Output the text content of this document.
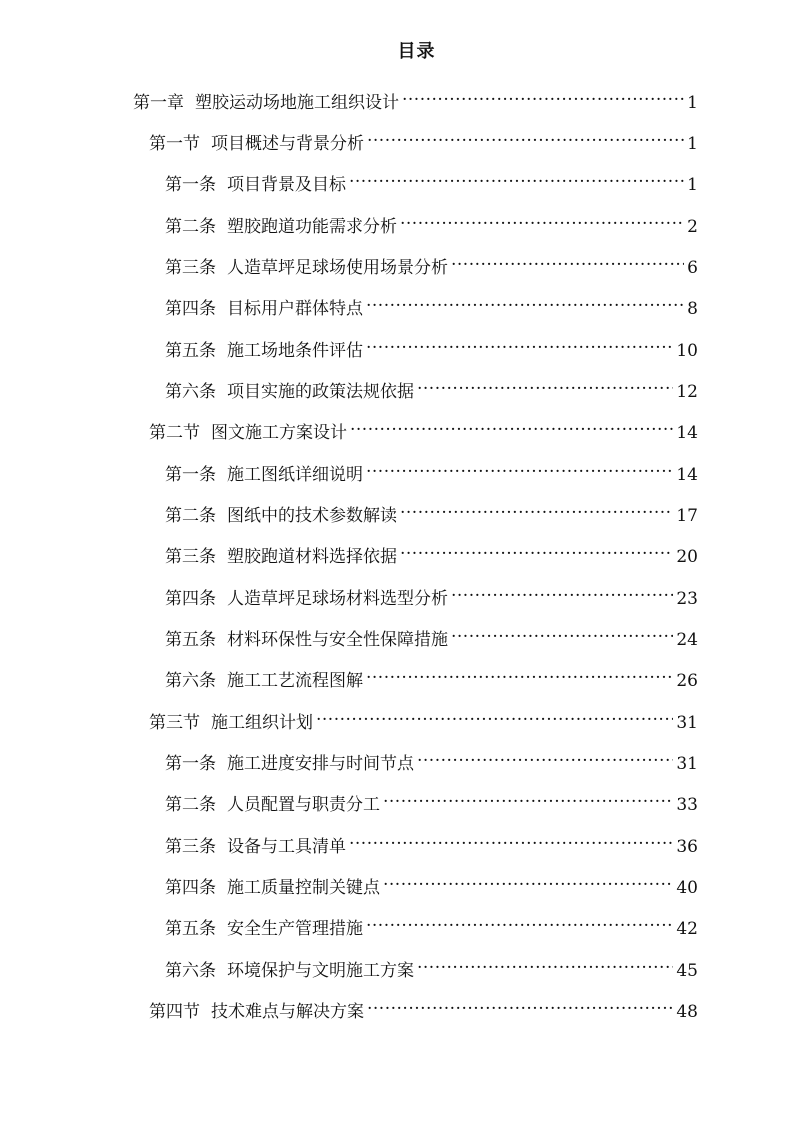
目录
第一章 塑胶运动场地施工组织设计 .....	1
第一节 项目概述与背景分析 .....	1
第一条 项目背景及目标 .....	1
第二条 塑胶跑道功能需求分析 .....	2
第三条 人造草坪足球场使用场景分析 .....	6
第四条 目标用户群体特点 .....	8
第五条 施工场地条件评估 .....	10
第六条 项目实施的政策法规依据 .....	12
第二节 图文施工方案设计 .....	14
第一条 施工图纸详细说明 .....	14
第二条 图纸中的技术参数解读 .....	17
第三条 塑胶跑道材料选择依据 .....	20
第四条 人造草坪足球场材料选型分析 .....	23
第五条 材料环保性与安全性保障措施 .....	24
第六条 施工工艺流程图解 .....	26
第三节 施工组织计划 .....	31
第一条 施工进度安排与时间节点 .....	31
第二条 人员配置与职责分工 .....	33
第三条 设备与工具清单 .....	36
第四条 施工质量控制关键点 .....	40
第五条 安全生产管理措施 .....	42
第六条 环境保护与文明施工方案 .....	45
第四节 技术难点与解决方案 .....	48
